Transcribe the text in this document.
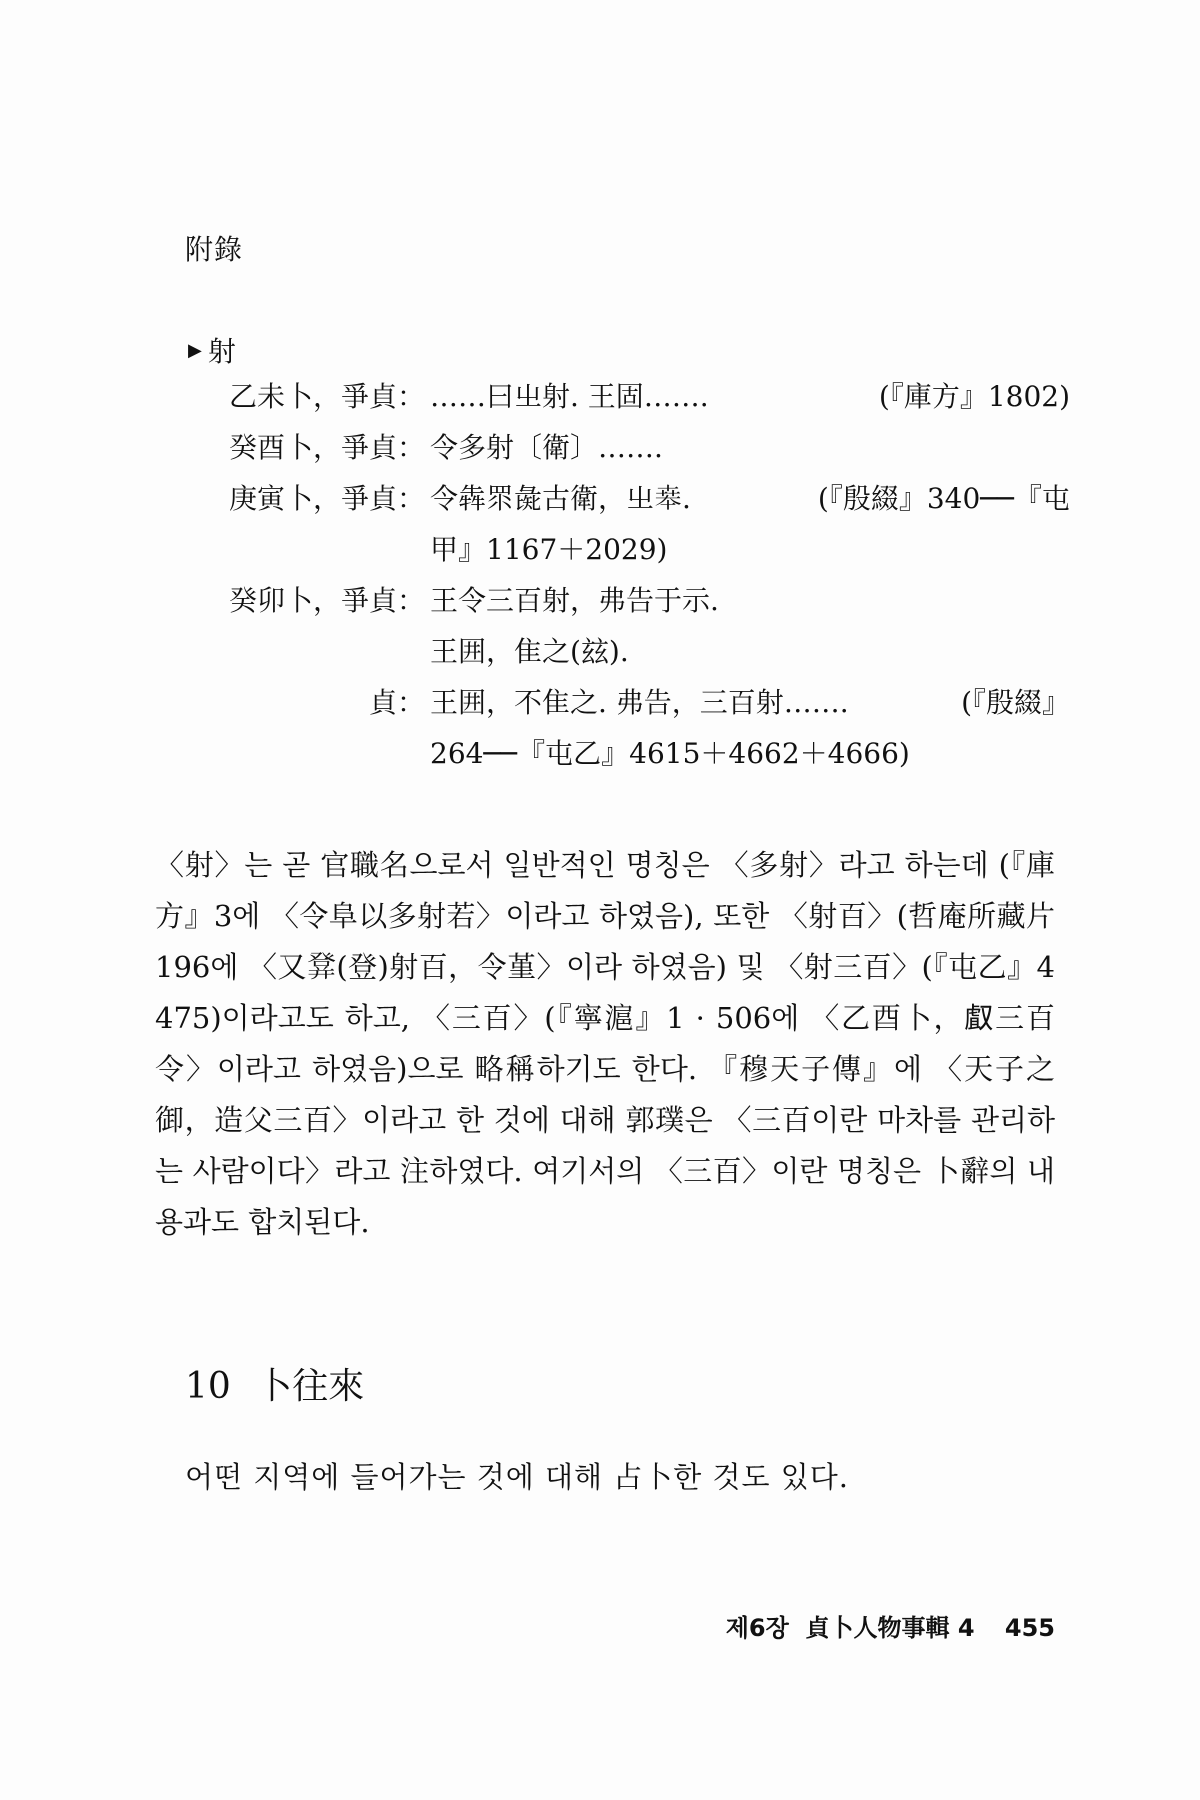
附錄
▶ 射
乙未卜，爭貞： ……曰㞢射. 王固…….	(『庫方』1802)
癸酉卜，爭貞： 令多射〔衛〕…….
庚寅卜，爭貞： 令犇眔彘古衛，㞢𠦪.	(『殷綴』340──『屯
甲』1167＋2029)
癸卯卜，爭貞： 王令三百射，弗告于示.
王囲，隹之(玆).
貞： 王囲，不隹之. 弗告，三百射…….	(『殷綴』
264──『屯乙』4615＋4662＋4666)
〈射〉는 곧 官職名으로서 일반적인 명칭은 〈多射〉라고 하는데 (『庫方』3에 〈令阜以多射若〉이라고 하였음), 또한 〈射百〉(哲庵所藏片 196에 〈又𤼷(登)射百，令堇〉이라 하였음) 및 〈射三百〉(『屯乙』4475)이라고도 하고, 〈三百〉(『寧滬』1 · 506에 〈乙酉卜，𠭯三百令〉이라고 하였음)으로 略稱하기도 한다. 『穆天子傳』에 〈天子之御，造父三百〉이라고 한 것에 대해 郭璞은 〈三百이란 마차를 관리하는 사람이다〉라고 注하였다. 여기서의 〈三百〉이란 명칭은 卜辭의 내용과도 합치된다.
10 卜往來
어떤 지역에 들어가는 것에 대해 占卜한 것도 있다.
제6장  貞卜人物事輯 4 455
